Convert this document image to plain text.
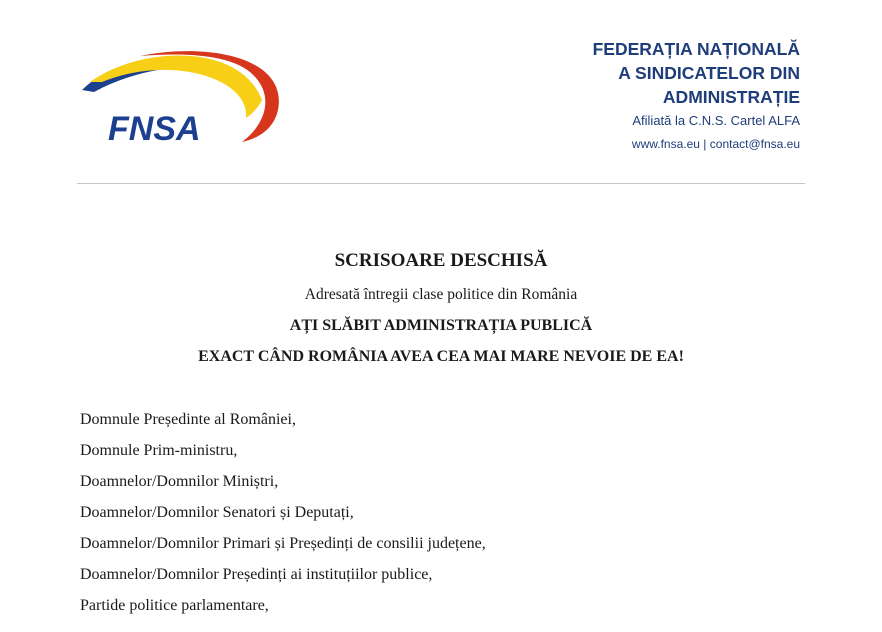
FNSA
FEDERAȚIA NAȚIONALĂ
A SINDICATELOR DIN
ADMINISTRAȚIE
Afiliată la C.N.S. Cartel ALFA
www.fnsa.eu | contact@fnsa.eu
SCRISOARE DESCHISĂ
Adresată întregii clase politice din România
AȚI SLĂBIT ADMINISTRAȚIA PUBLICĂ
EXACT CÂND ROMÂNIA AVEA CEA MAI MARE NEVOIE DE EA!
Domnule Președinte al României,
Domnule Prim-ministru,
Doamnelor/Domnilor Miniștri,
Doamnelor/Domnilor Senatori și Deputați,
Doamnelor/Domnilor Primari și Președinți de consilii județene,
Doamnelor/Domnilor Președinți ai instituțiilor publice,
Partide politice parlamentare,
